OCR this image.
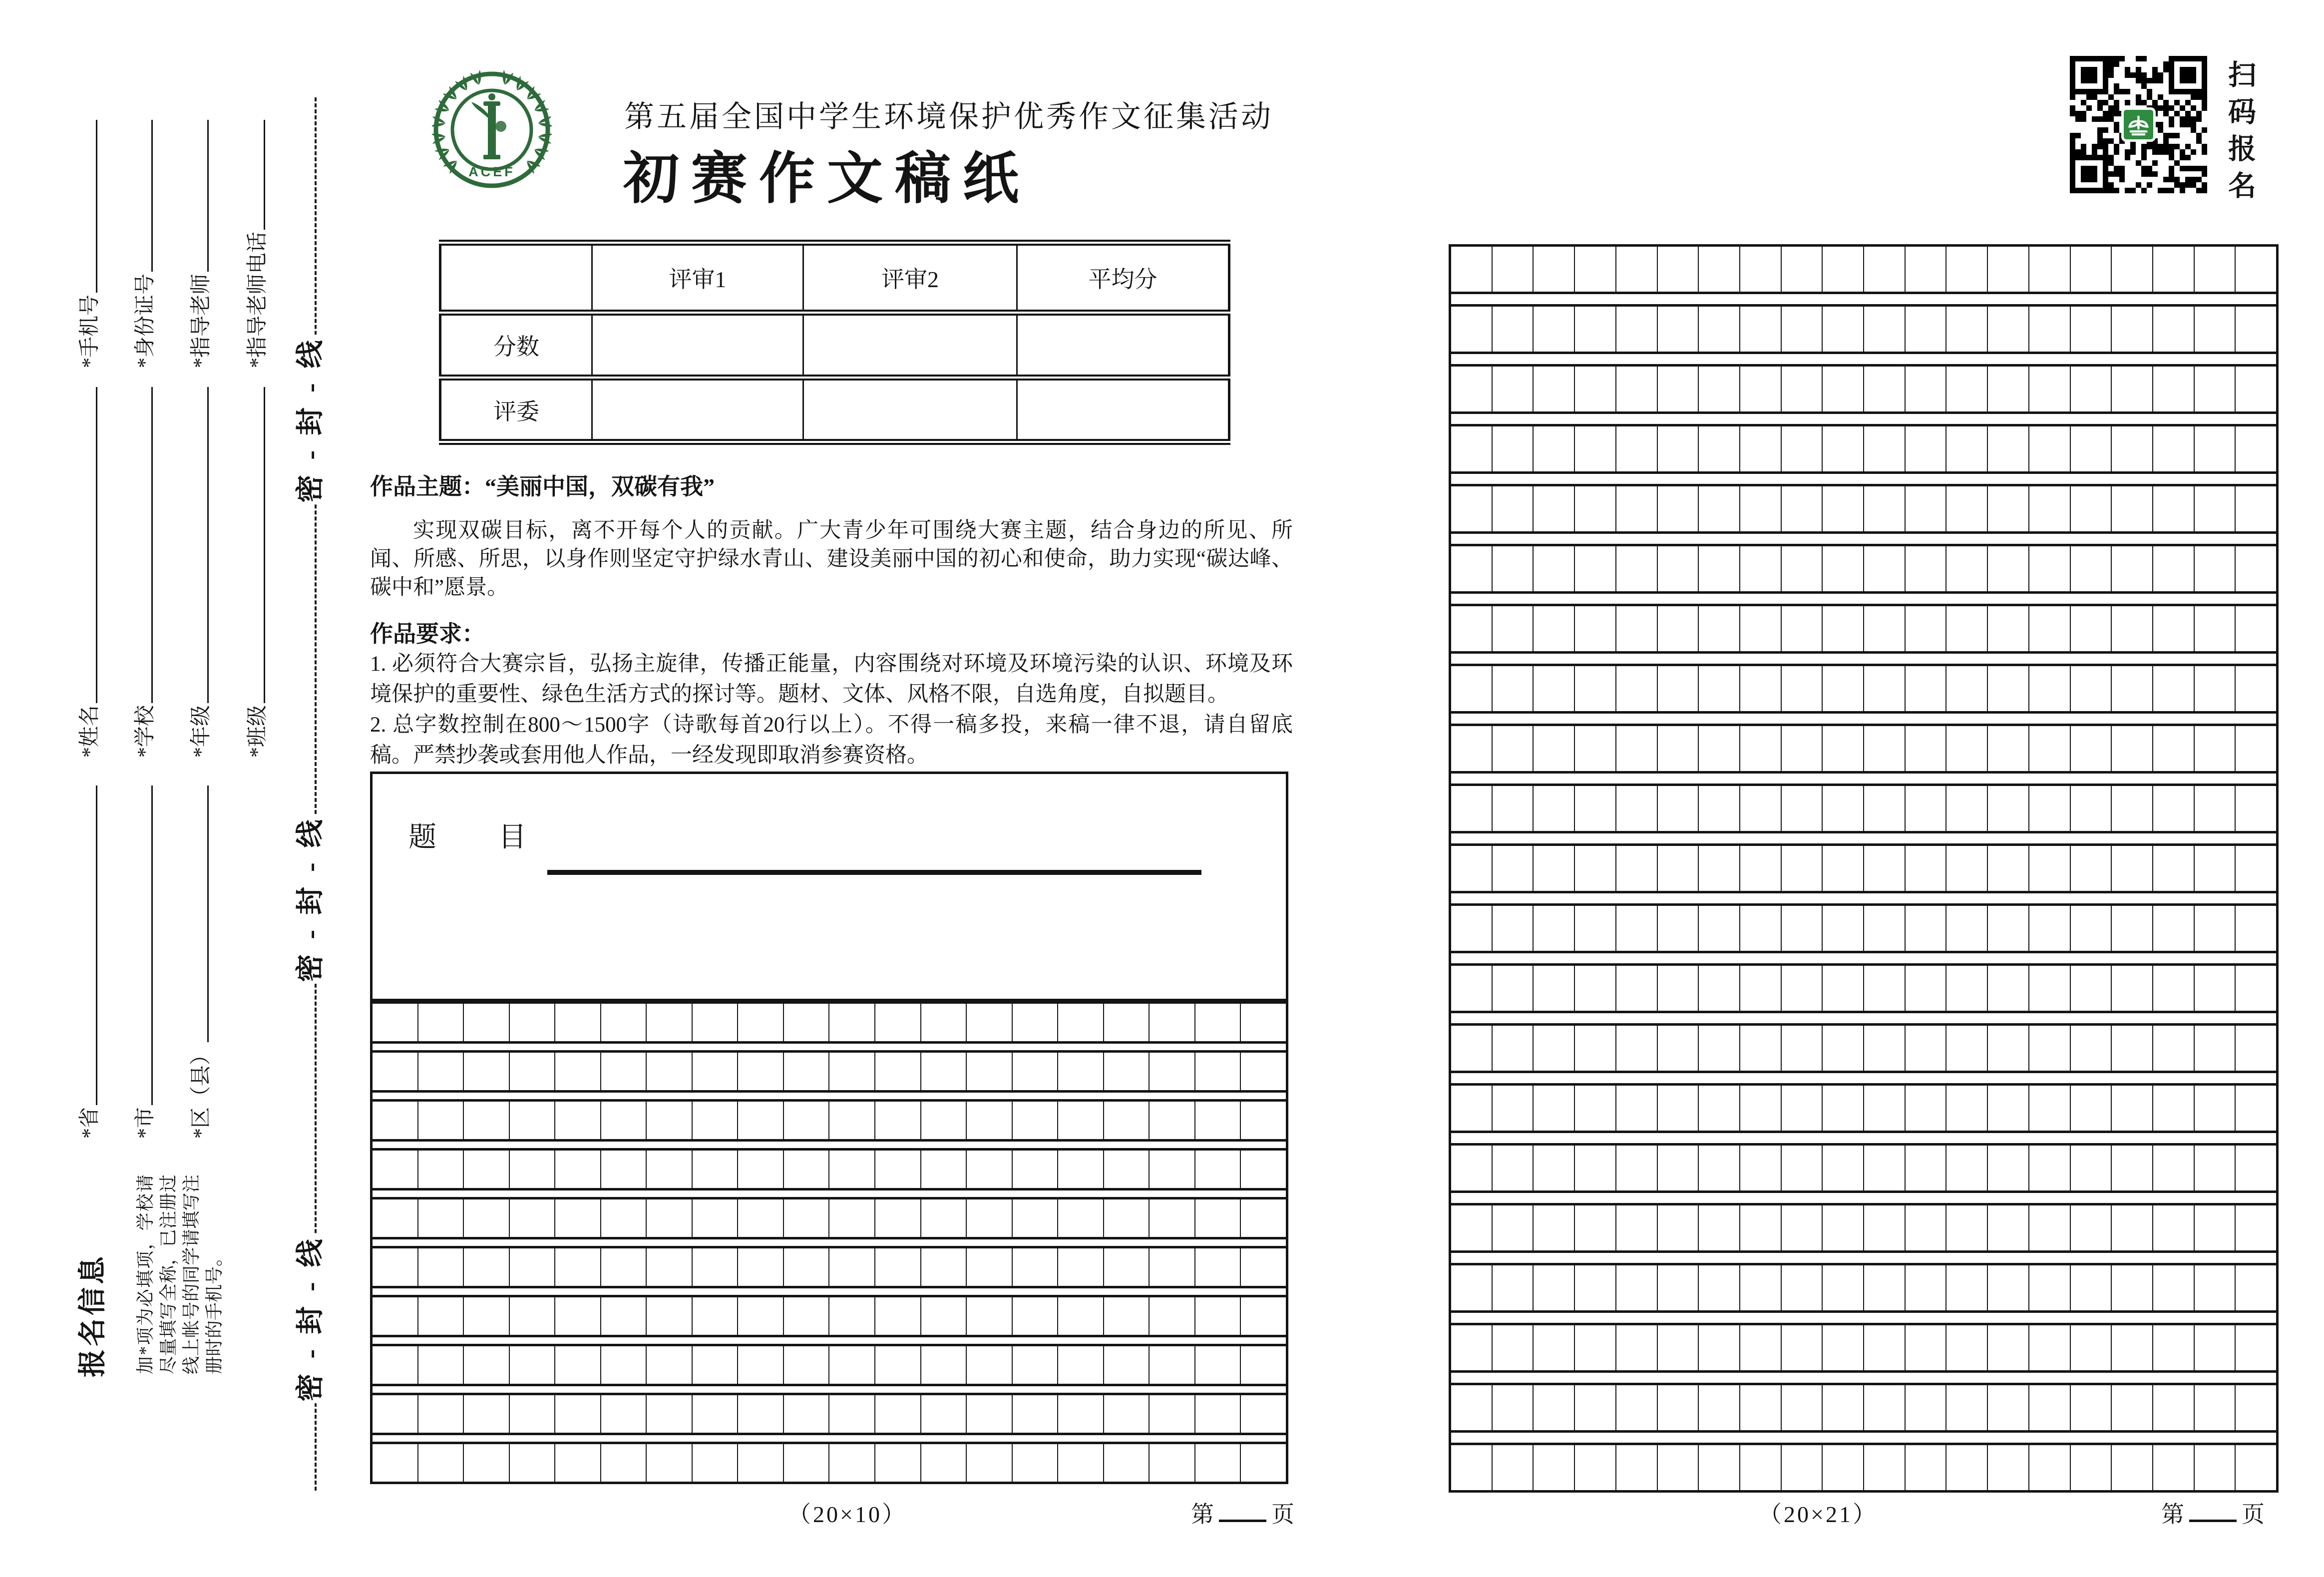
密 - 封 - 线
密 - 封 - 线
密 - 封 - 线
*手机号 *身份证号 *指导老师 *指导老师电话
*姓名 *学校 *年级 *班级
*省 *市 *区（县）
报名信息 加*项为必填项，学校请尽量填写全称，已注册过线上帐号的同学请填写注册时的手机号。
ACEF
第五届全国中学生环境保护优秀作文征集活动
初赛作文稿纸	扫码报名
	评审1	评审2	平均分
分数			
评委			
作品主题：“美丽中国，双碳有我”
实现双碳目标，离不开每个人的贡献。广大青少年可围绕大赛主题，结合身边的所见、所闻、所感、所思，以身作则坚定守护绿水青山、建设美丽中国的初心和使命，助力实现“碳达峰、碳中和”愿景。
作品要求：
1. 必须符合大赛宗旨，弘扬主旋律，传播正能量，内容围绕对环境及环境污染的认识、环境及环境保护的重要性、绿色生活方式的探讨等。题材、文体、风格不限，自选角度，自拟题目。
2. 总字数控制在800～1500字（诗歌每首20行以上）。不得一稿多投，来稿一律不退，请自留底稿。严禁抄袭或套用他人作品，一经发现即取消参赛资格。
题　目
（20×10）	第	页	（20×21）	第	页
